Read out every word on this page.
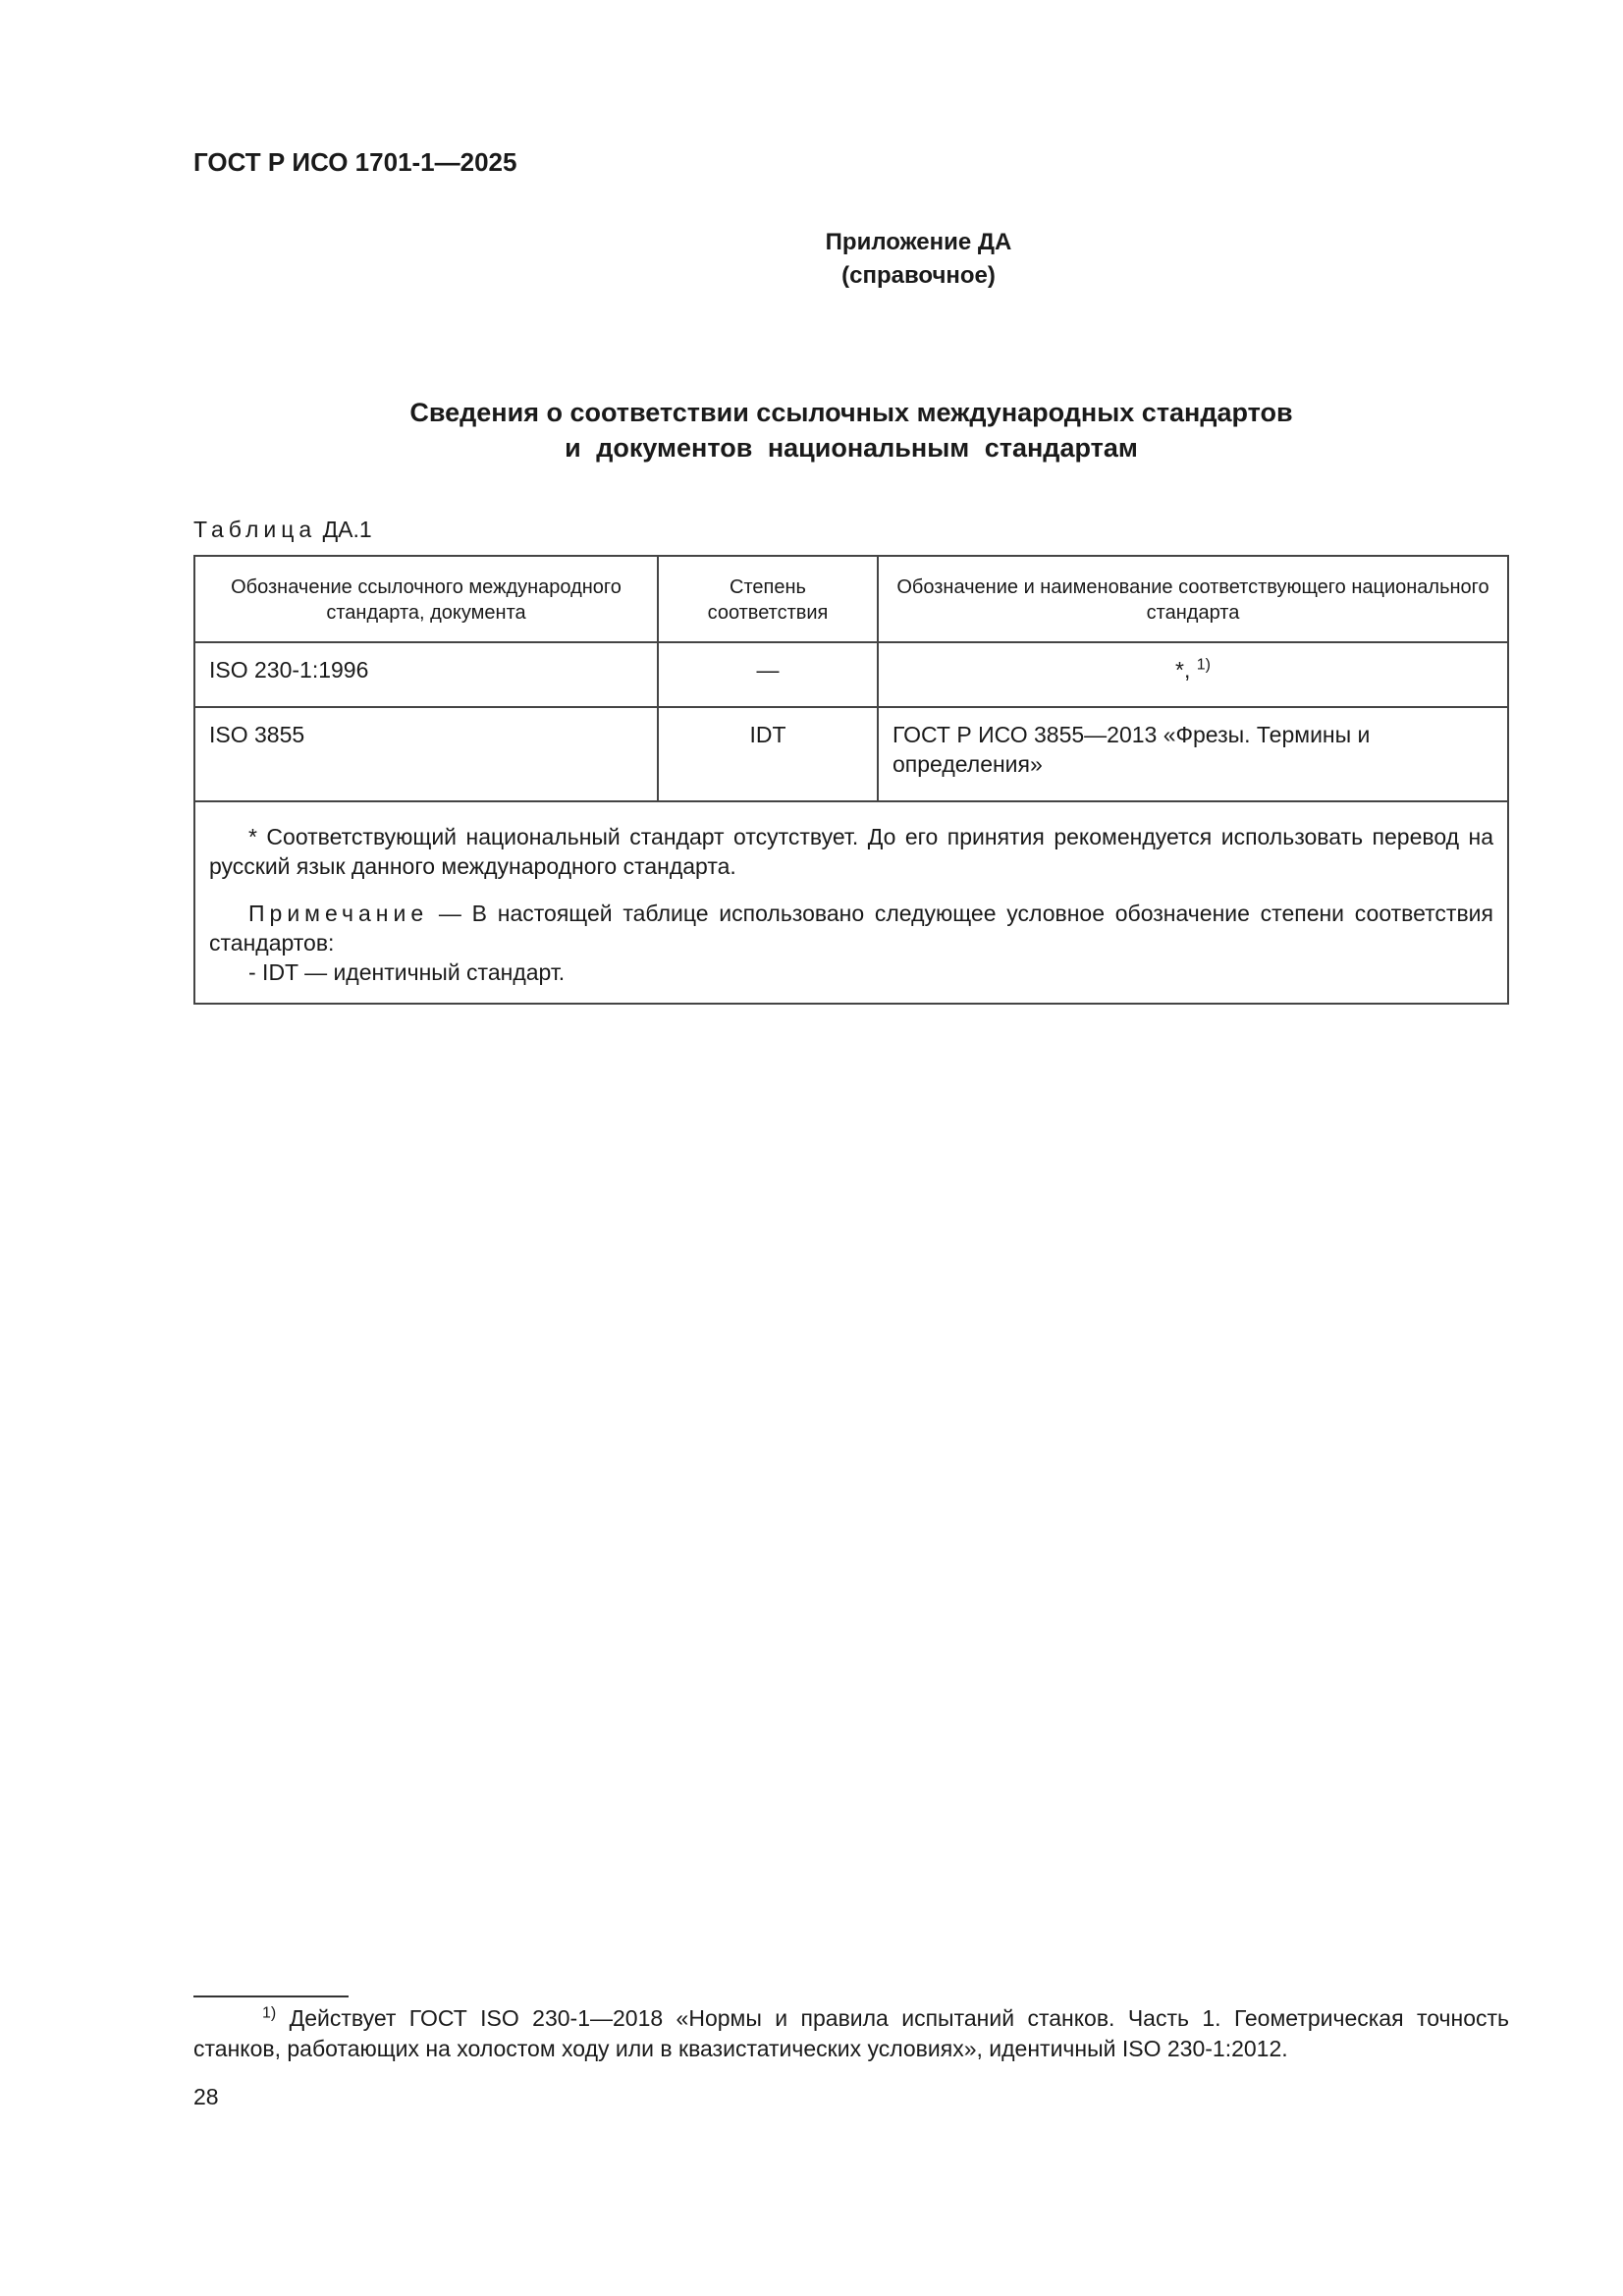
ГОСТ Р ИСО 1701-1—2025
Приложение ДА
(справочное)
Сведения о соответствии ссылочных международных стандартов
и документов национальным стандартам
Таблица ДА.1
Обозначение ссылочного международного стандарта, документа	Степень соответствия	Обозначение и наименование соответствующего национального стандарта
ISO 230-1:1996	—	*, $^{1)}$
ISO 3855	IDT	ГОСТ Р ИСО 3855—2013 «Фрезы. Термины и определения»

* Соответствующий национальный стандарт отсутствует. До его принятия рекомендуется использовать перевод на русский язык данного международного стандарта.
Примечание — В настоящей таблице использовано следующее условное обозначение степени соответствия стандартов:
- IDT — идентичный стандарт.		
$^{1)}$ Действует ГОСТ ISO 230-1—2018 «Нормы и правила испытаний станков. Часть 1. Геометрическая точность станков, работающих на холостом ходу или в квазистатических условиях», идентичный ISO 230-1:2012.
28
